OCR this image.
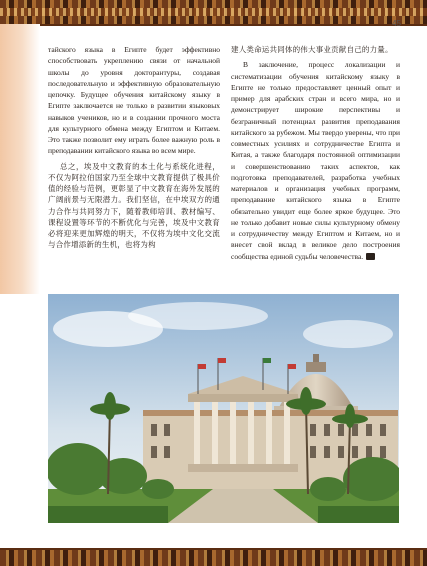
45

тайского языка в Египте будет эффективно способствовать укреплению связи от начальной школы до уровня докторантуры, создавая последовательную и эффективную образовательную цепочку. Будущее обучения китайскому языку в Египте заключается не только в развитии языковых навыков учеников, но и в создании прочного моста для культурного обмена между Египтом и Китаем. Это также позволит ему играть более важную роль в преподавании китайского языка во всем мире.

总之，埃及中文教育的本土化与系统化进程，不仅为阿拉伯国家乃至全球中文教育提供了极具价值的经验与范例，更彰显了中文教育在海外发展的广阔前景与无限潜力。我们坚信，在中埃双方的通力合作与共同努力下，随着教师培训、教材编写、课程设置等环节的不断优化与完善，埃及中文教育必将迎来更加辉煌的明天，不仅将为埃中文化交流与合作增添新的生机，也将为构

建人类命运共同体的伟大事业贡献自己的力量。

В заключение, процесс локализации и систематизации обучения китайскому языку в Египте не только предоставляет ценный опыт и пример для арабских стран и всего мира, но и демонстрирует широкие перспективы и безграничный потенциал развития преподавания китайского за рубежом. Мы твердо уверены, что при совместных усилиях и сотрудничестве Египта и Китая, а также благодаря постоянной оптимизации и совершенствованию таких аспектов, как подготовка преподавателей, разработка учебных материалов и организация учебных программ, преподавание китайского языка в Египте обязательно увидит еще более яркое будущее. Это не только добавит новые силы культурному обмену и сотрудничеству между Египтом и Китаем, но и внесет свой вклад в великое дело построения сообщества единой судьбы человечества.	◆
